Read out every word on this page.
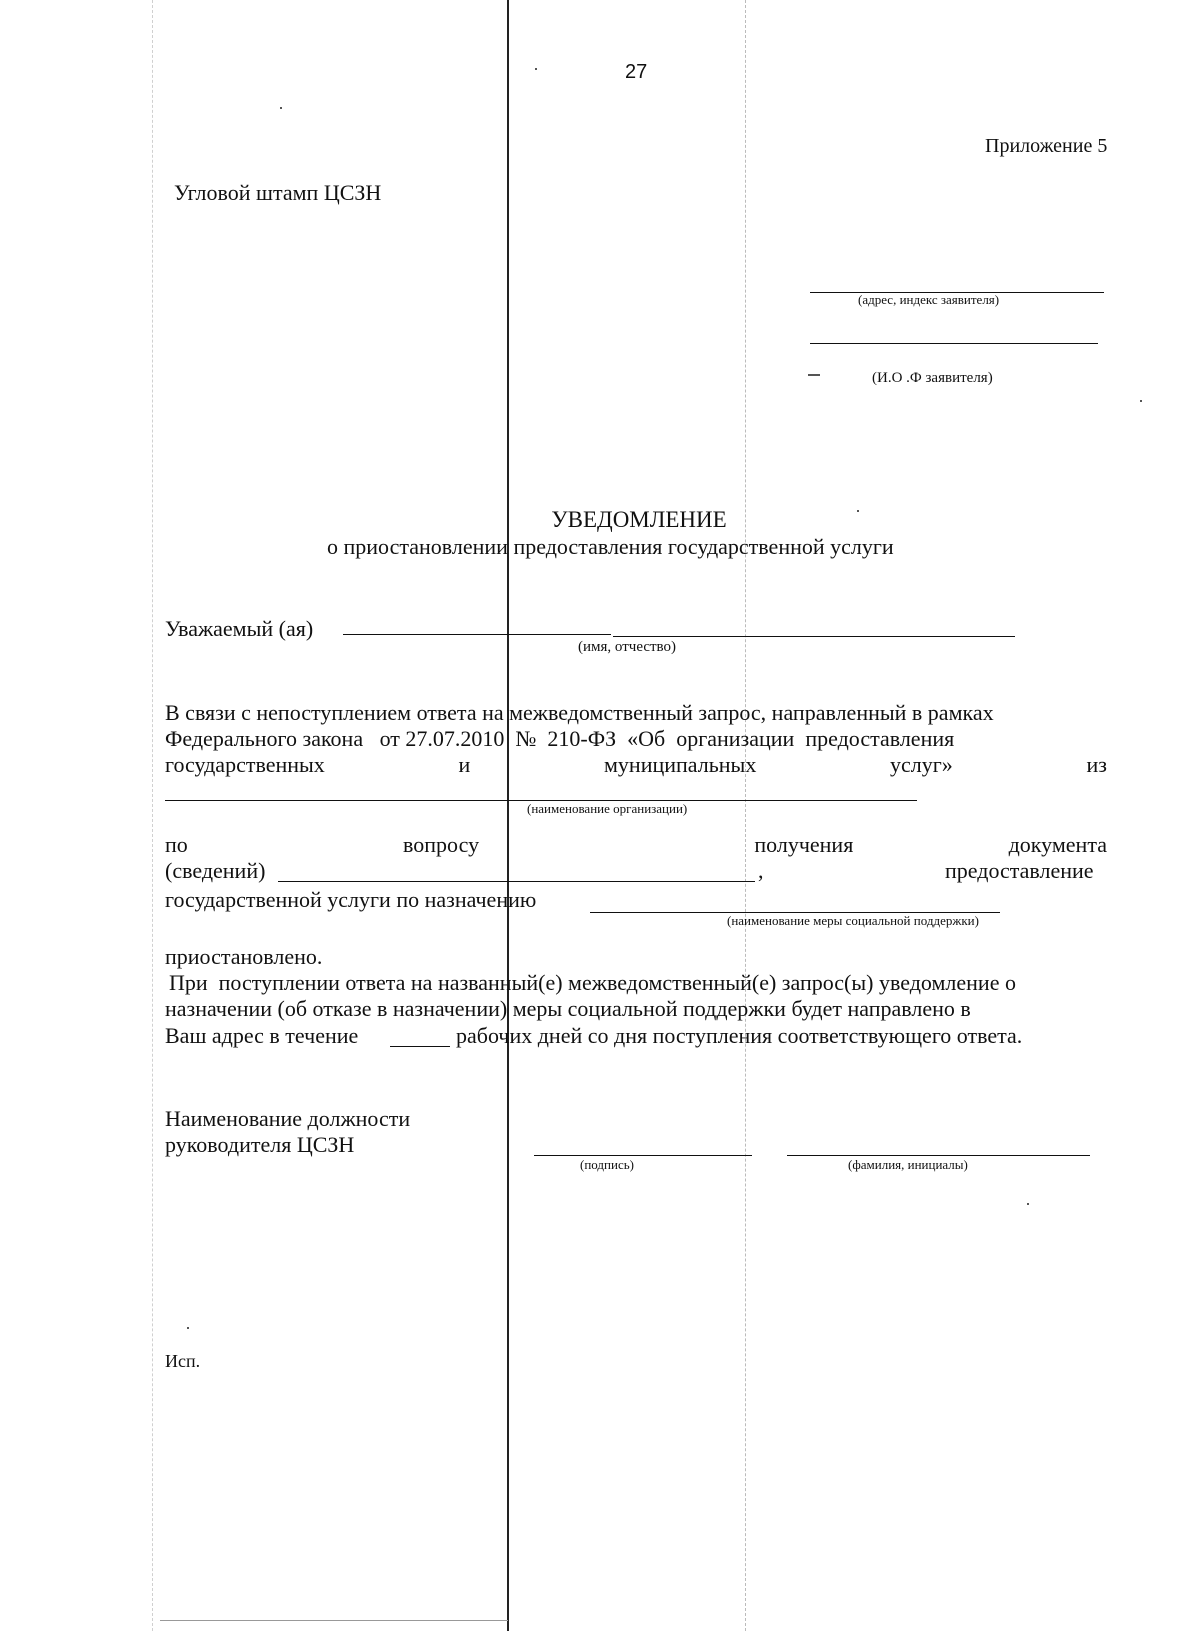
27
Приложение 5
Угловой штамп ЦСЗН
(адрес, индекс заявителя)
(И.О .Ф заявителя)
УВЕДОМЛЕНИЕ
о приостановлении предоставления государственной услуги
Уважаемый (ая)
(имя, отчество)
В связи с непоступлением ответа на межведомственный запрос, направленный в рамках
Федерального закона   от 27.07.2010  №  210-ФЗ  «Об  организации  предоставления
государственных	и	муниципальных	услуг»	из
(наименование организации)
по	вопросу	получения	документа
(сведений)	,	предоставление
государственной услуги по назначению
(наименование меры социальной поддержки)
приостановлено.
При  поступлении ответа на названный(е) межведомственный(е) запрос(ы) уведомление о
назначении (об отказе в назначении) меры социальной поддержки будет направлено в
Ваш адрес в течение	рабочих дней со дня поступления соответствующего ответа.
Наименование должности
руководителя ЦСЗН
(подпись)	(фамилия, инициалы)
Исп.
